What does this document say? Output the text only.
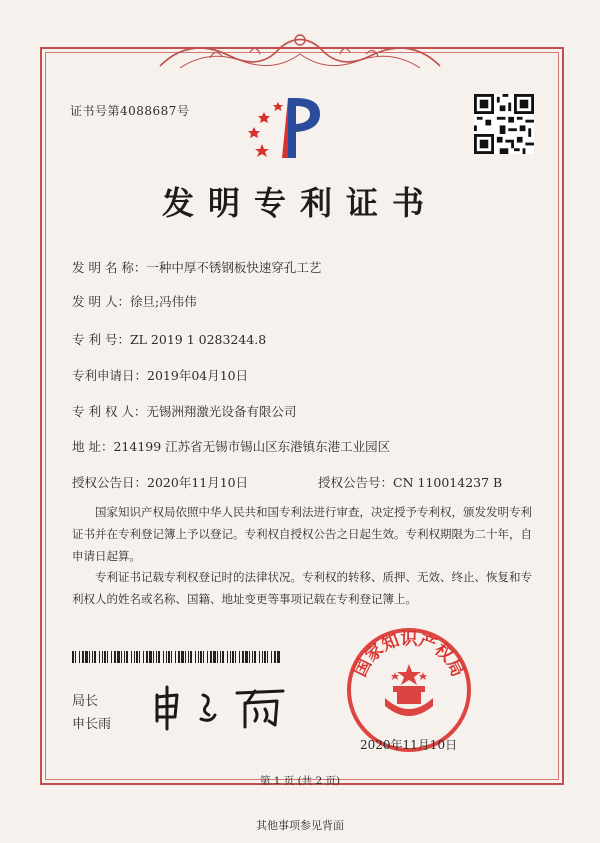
证书号第4088687号
发明专利证书
发 明 名 称：一种中厚不锈钢板快速穿孔工艺
发 明 人：徐旦;冯伟伟
专 利 号：ZL 2019 1 0283244.8
专利申请日：2019年04月10日
专 利 权 人：无锡洲翔激光设备有限公司
地 址：214199 江苏省无锡市锡山区东港镇东港工业园区
授权公告日：2020年11月10日	授权公告号：CN 110014237 B
国家知识产权局依照中华人民共和国专利法进行审查，决定授予专利权，颁发发明专利证书并在专利登记簿上予以登记。专利权自授权公告之日起生效。专利权期限为二十年，自申请日起算。
专利证书记载专利权登记时的法律状况。专利权的转移、质押、无效、终止、恢复和专利权人的姓名或名称、国籍、地址变更等事项记载在专利登记簿上。
局长
申长雨
国家知识产权局
2020年11月10日
第 1 页 (共 2 页)
其他事项参见背面
